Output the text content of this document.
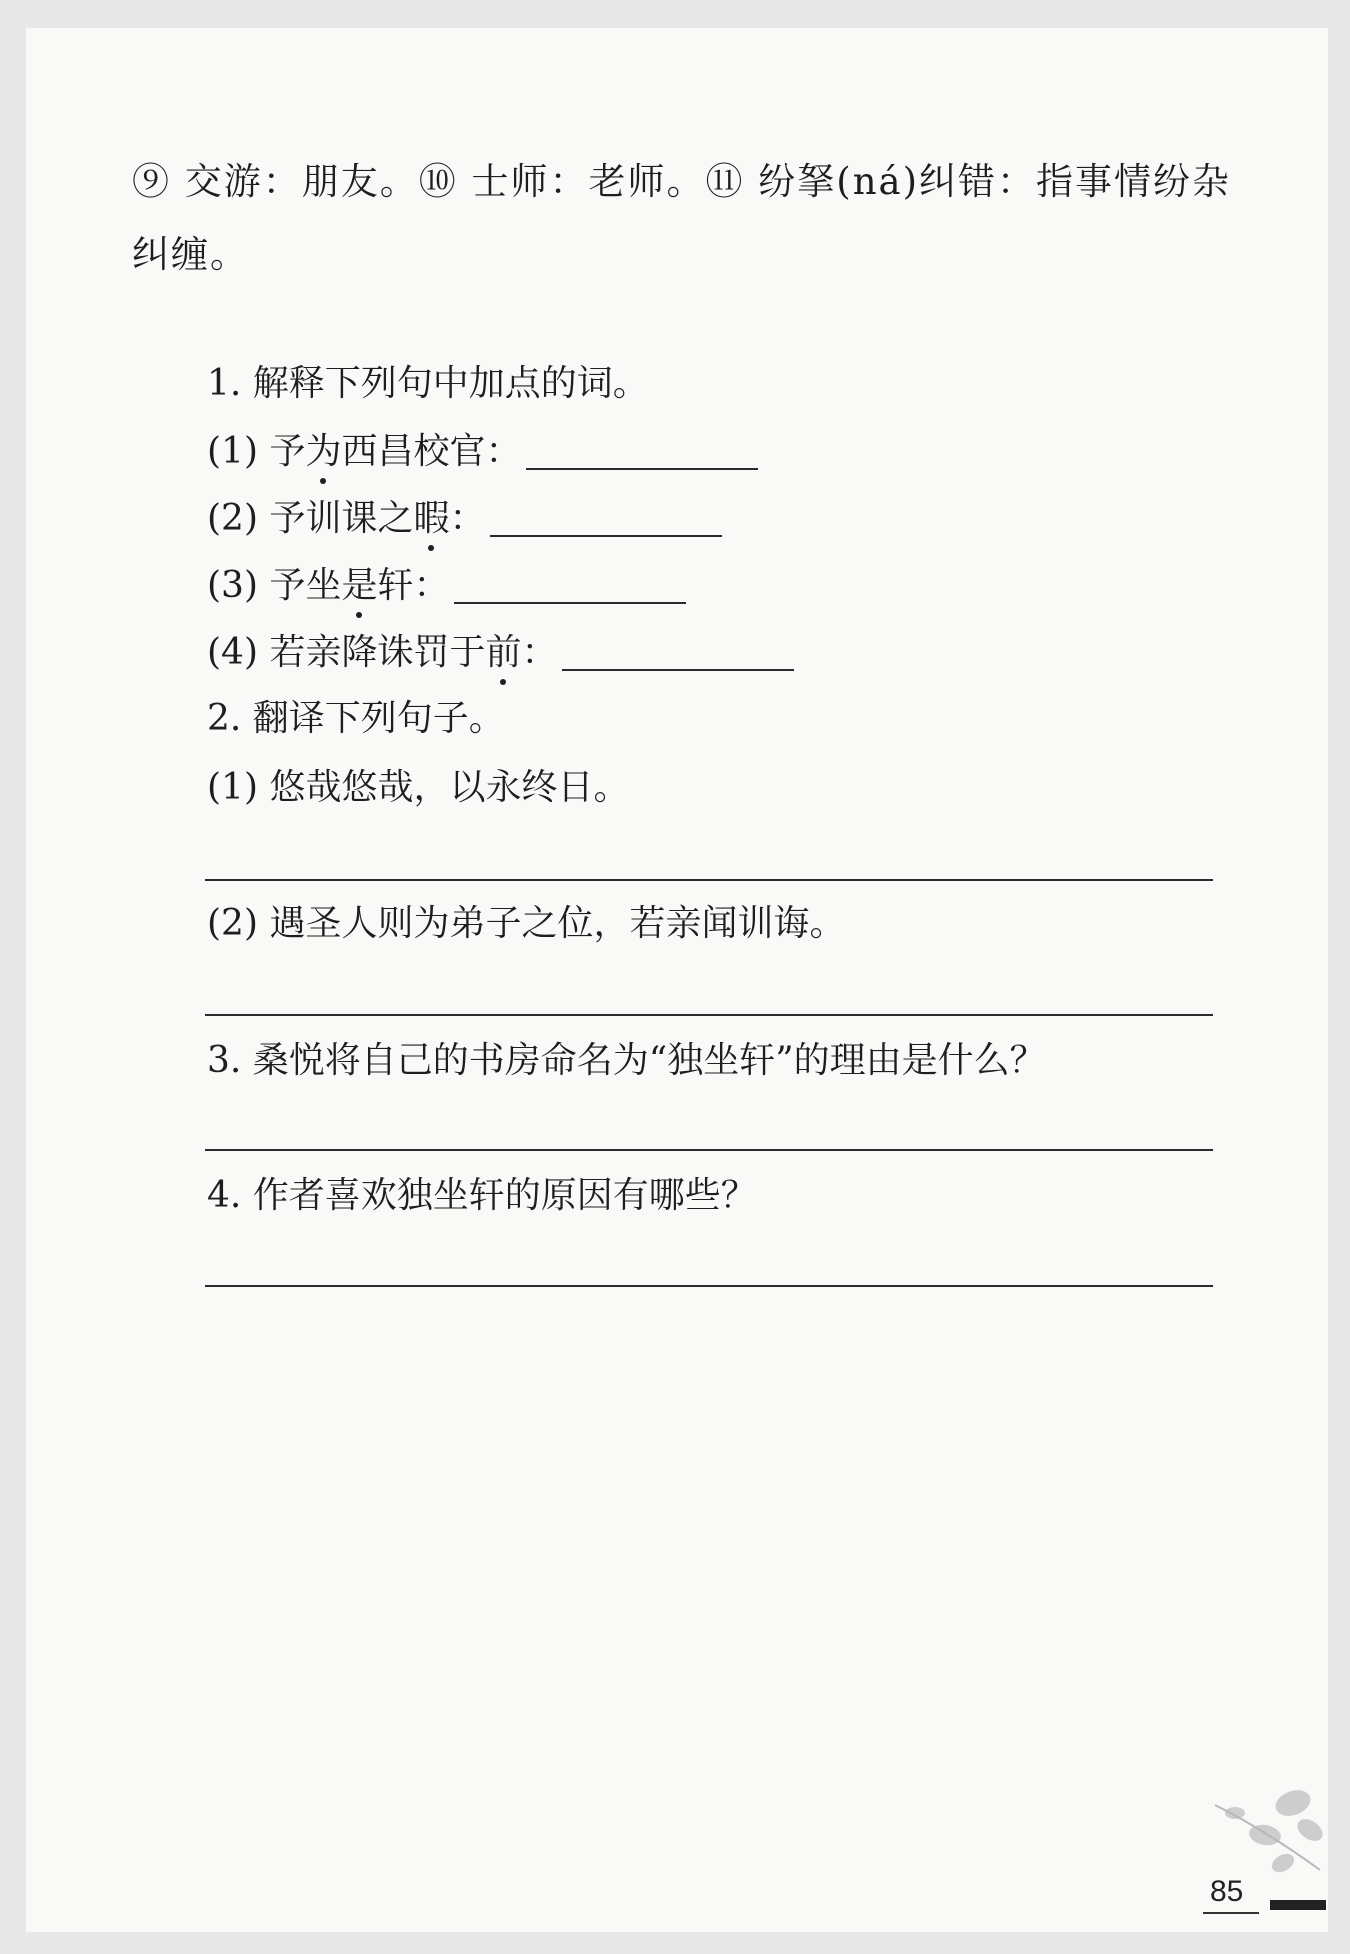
⑨ 交游：朋友。⑩ 士师：老师。⑪ 纷拏(ná)纠错：指事情纷杂
纠缠。
1. 解释下列句中加点的词。
(1) 予为西昌校官：
(2) 予训课之暇：
(3) 予坐是轩：
(4) 若亲降诛罚于前：
2. 翻译下列句子。
(1) 悠哉悠哉，以永终日。
(2) 遇圣人则为弟子之位，若亲闻训诲。
3. 桑悦将自己的书房命名为“独坐轩”的理由是什么？
4. 作者喜欢独坐轩的原因有哪些？
85
